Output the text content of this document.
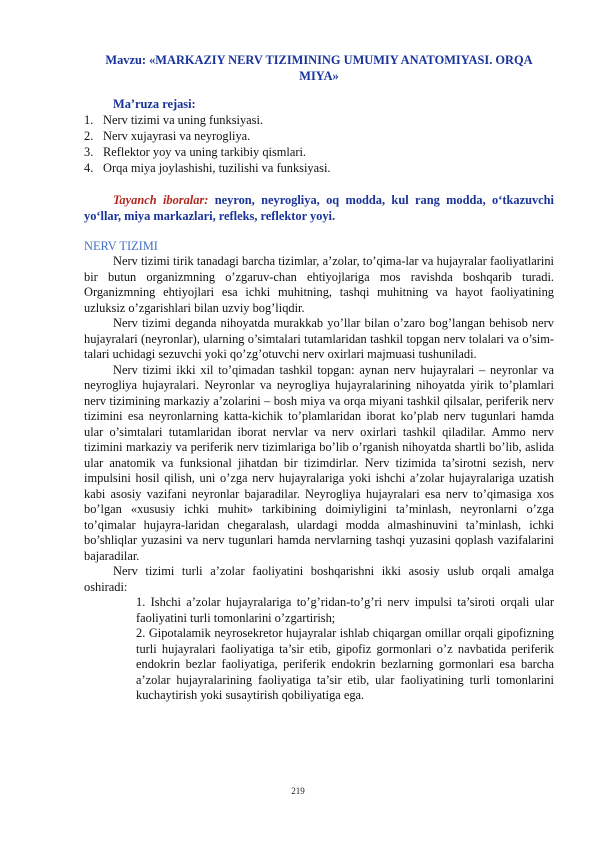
Mavzu: «MARKAZIY NERV TIZIMINING UMUMIY ANATOMIYASI. ORQA MIYA»
Ma’ruza rejasi:
1. Nerv tizimi va uning funksiyasi.
2. Nerv xujayrasi va neyrogliya.
3. Reflektor yoy va uning tarkibiy qismlari.
4. Orqa miya joylashishi, tuzilishi va funksiyasi.

Tayanch iboralar: neyron, neyrogliya, oq modda, kul rang modda, o‘tkazuvchi yo‘llar, miya markazlari, refleks, reflektor yoyi.

NERV TIZIMI

Nerv tizimi tirik tanadagi barcha tizimlar, a’zolar, to’qima-lar va hujayralar faoliyatlarini bir butun organizmning o’zgaruv-chan ehtiyojlariga mos ravishda boshqarib turadi. Organizmning ehtiyojlari esa ichki muhitning, tashqi muhitning va hayot faoliyatining uzluksiz o’zgarishlari bilan uzviy bog’liqdir.

Nerv tizimi deganda nihoyatda murakkab yo’llar bilan o’zaro bog’langan behisob nerv hujayralari (neyronlar), ularning o’simtalari tutamlaridan tashkil topgan nerv tolalari va o’sim-talari uchidagi sezuvchi yoki qo’zg’otuvchi nerv oxirlari majmuasi tushuniladi.

Nerv tizimi ikki xil to’qimadan tashkil topgan: aynan nerv hujayralari – neyronlar va neyrogliya hujayralari. Neyronlar va neyrogliya hujayralarining nihoyatda yirik to’plamlari nerv tizimining markaziy a’zolarini – bosh miya va orqa miyani tashkil qilsalar, periferik nerv tizimini esa neyronlarning katta-kichik to’plamlaridan iborat ko’plab nerv tugunlari hamda ular o’simtalari tutamlaridan iborat nervlar va nerv oxirlari tashkil qiladilar. Ammo nerv tizimini markaziy va periferik nerv tizimlariga bo’lib o’rganish nihoyatda shartli bo’lib, aslida ular anatomik va funksional jihatdan bir tizimdirlar. Nerv tizimida ta’sirotni sezish, nerv impulsini hosil qilish, uni o’zga nerv hujayralariga yoki ishchi a’zolar hujayralariga uzatish kabi asosiy vazifani neyronlar bajaradilar. Neyrogliya hujayralari esa nerv to’qimasiga xos bo’lgan «xususiy ichki muhit» tarkibining doimiyligini ta’minlash, neyronlarni o’zga to’qimalar hujayra-laridan chegaralash, ulardagi modda almashinuvini ta’minlash, ichki bo’shliqlar yuzasini va nerv tugunlari hamda nervlarning tashqi yuzasini qoplash vazifalarini bajaradilar.

Nerv tizimi turli a’zolar faoliyatini boshqarishni ikki asosiy uslub orqali amalga oshiradi:

1. Ishchi a’zolar hujayralariga to’g’ridan-to’g’ri nerv impulsi ta’siroti orqali ular faoliyatini turli tomonlarini o’zgartirish;

2. Gipotalamik neyrosekretor hujayralar ishlab chiqargan omillar orqali gipofizning turli hujayralari faoliyatiga ta’sir etib, gipofiz gormonlari o’z navbatida periferik endokrin bezlar faoliyatiga, periferik endokrin bezlarning gormonlari esa barcha a’zolar hujayralarining faoliyatiga ta’sir etib, ular faoliyatining turli tomonlarini kuchaytirish yoki susaytirish qobiliyatiga ega.

219
